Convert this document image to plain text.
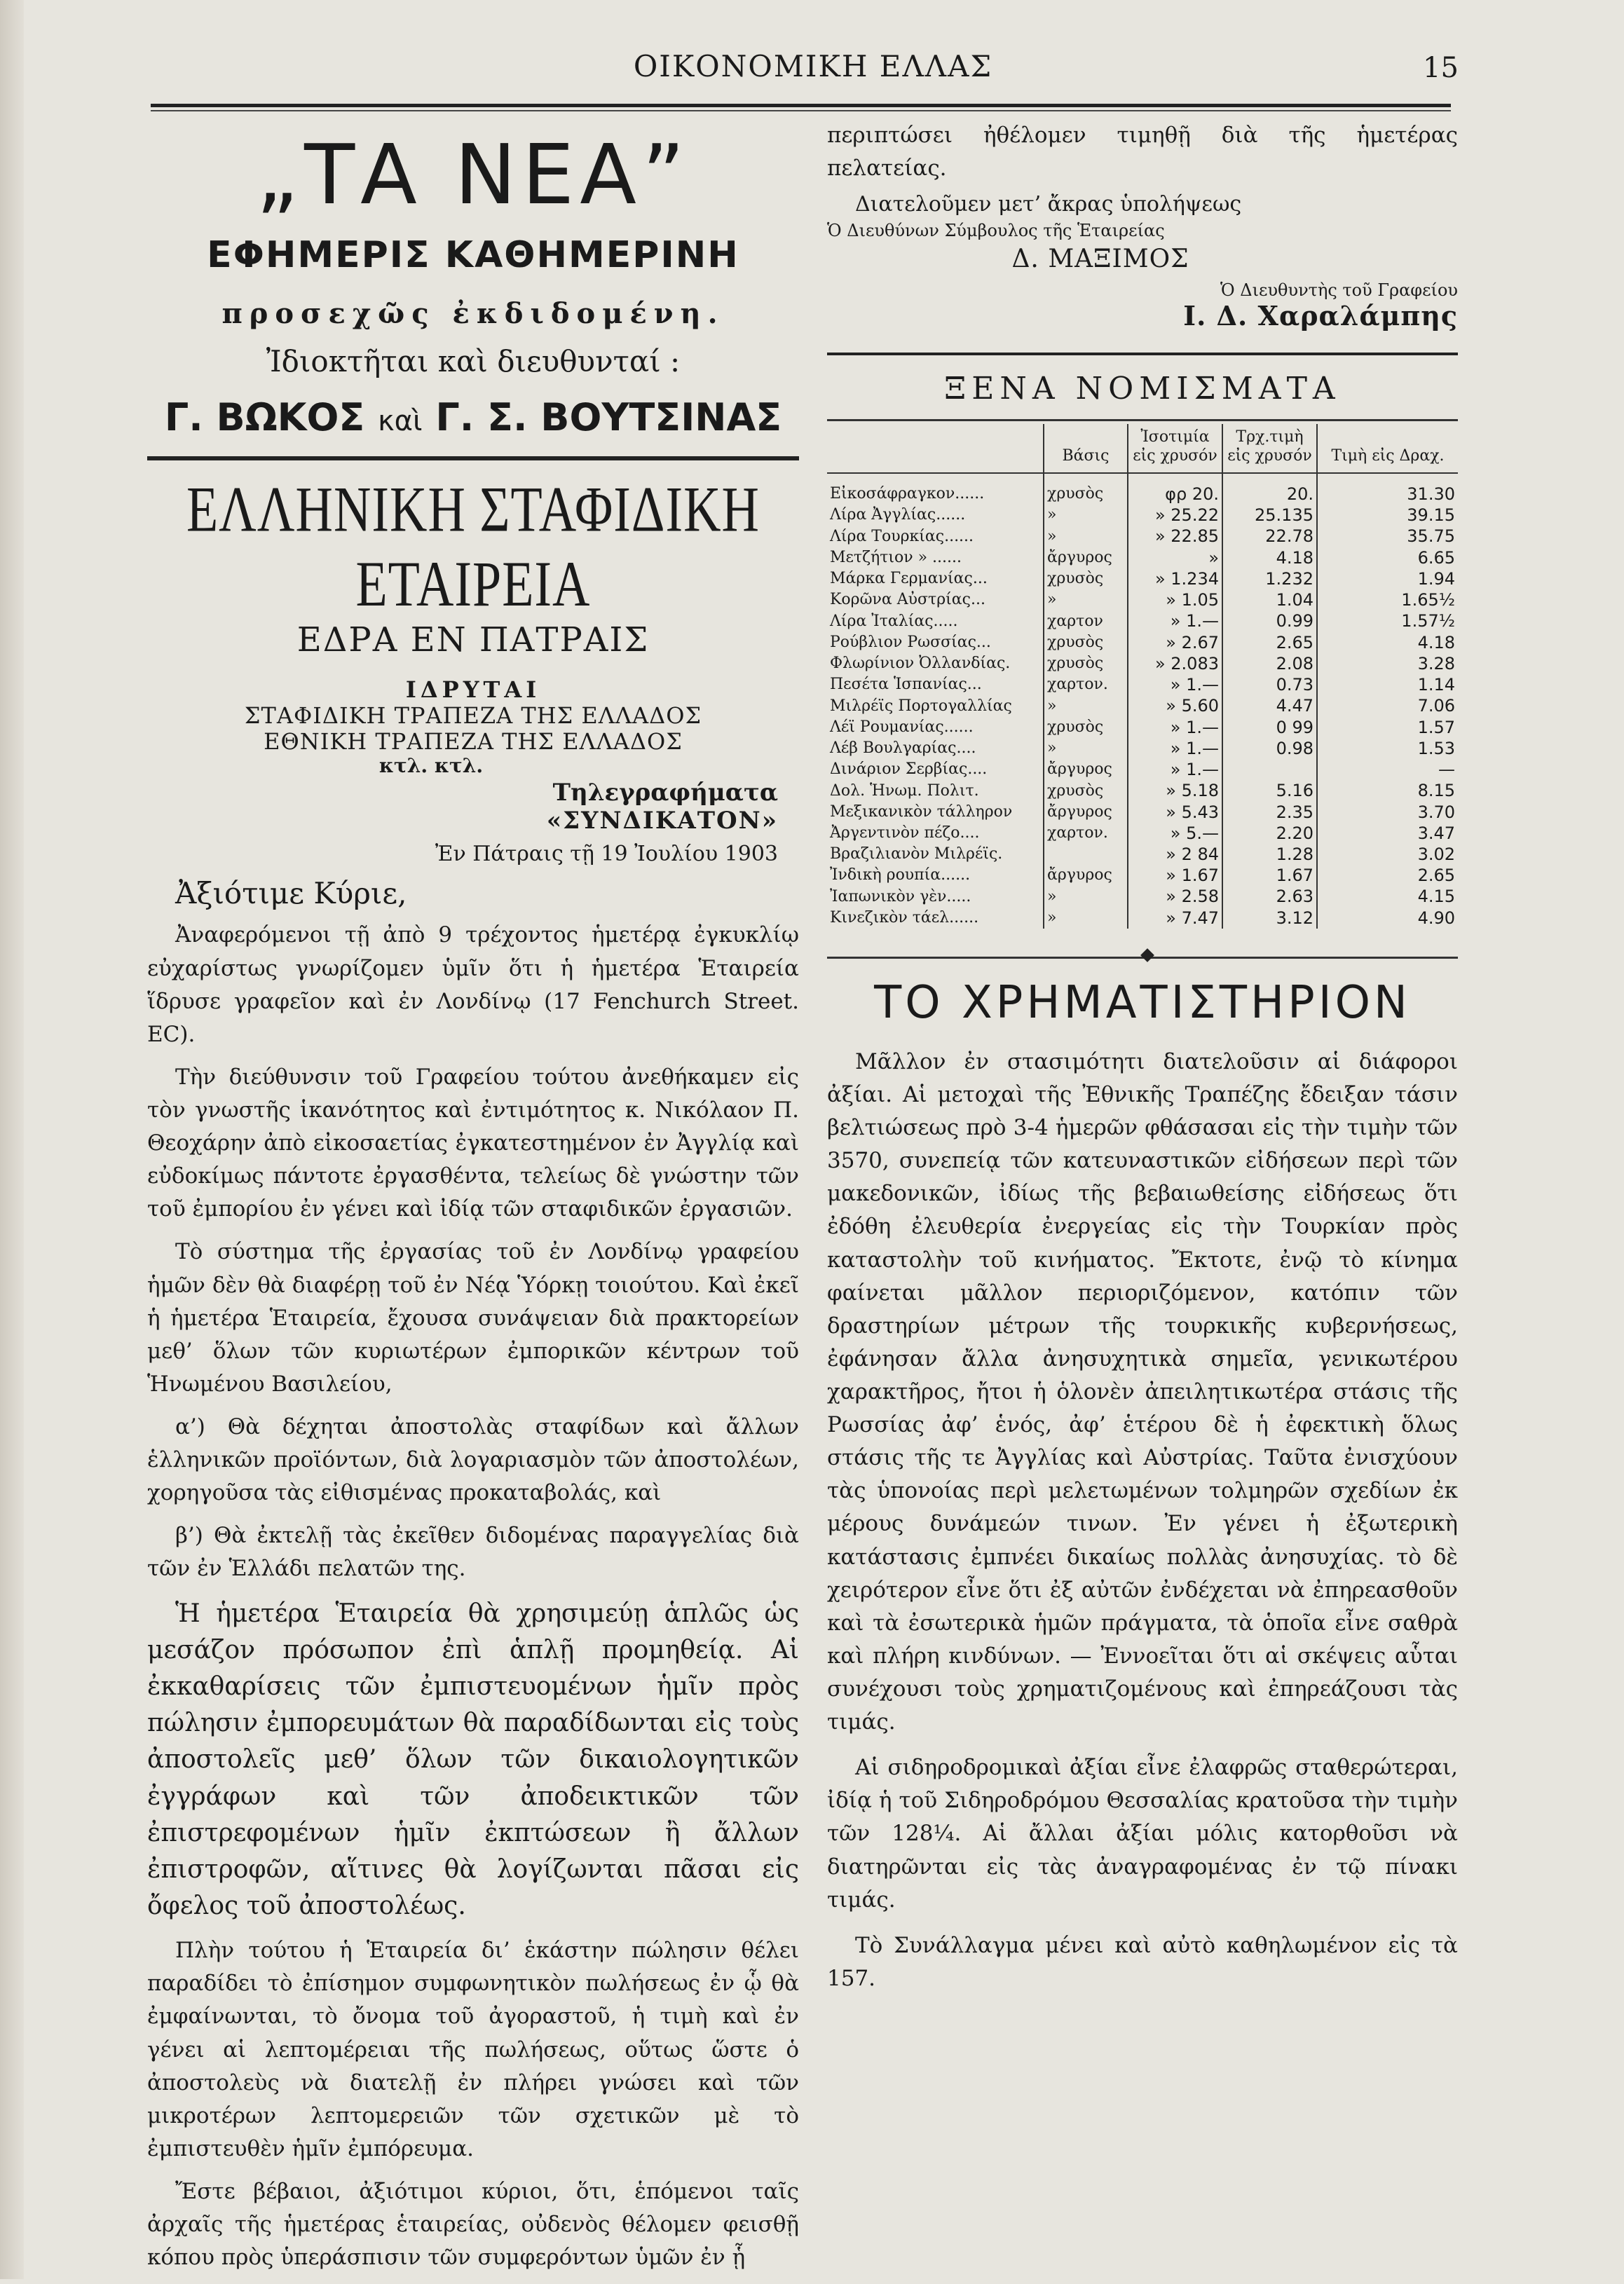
ΟΙΚΟΝΟΜΙΚΗ ΕΛΛΑΣ	15
„ΤΑ ΝΕΑ”
ΕΦΗΜΕΡΙΣ ΚΑΘΗΜΕΡΙΝΗ
προσεχῶς ἐκδιδομένη.
Ἰδιοκτῆται καὶ διευθυνταί :
Γ. ΒΩΚΟΣ καὶ Γ. Σ. ΒΟΥΤΣΙΝΑΣ
ΕΛΛΗΝΙΚΗ ΣΤΑΦΙΔΙΚΗ ΕΤΑΙΡΕΙΑ
ΕΔΡΑ ΕΝ ΠΑΤΡΑΙΣ
ΙΔΡΥΤΑΙ
ΣΤΑΦΙΔΙΚΗ ΤΡΑΠΕΖΑ ΤΗΣ ΕΛΛΑΔΟΣ
ΕΘΝΙΚΗ ΤΡΑΠΕΖΑ ΤΗΣ ΕΛΛΑΔΟΣ
κτλ. κτλ.
Τηλεγραφήματα
«ΣΥΝΔΙΚΑΤΟΝ»
Ἐν Πάτραις τῇ 19 Ἰουλίου 1903
Ἀξιότιμε Κύριε,

Ἀναφερόμενοι τῇ ἀπὸ 9 τρέχοντος ἡμετέρᾳ ἐγκυκλίῳ εὐχαρίστως γνωρίζομεν ὑμῖν ὅτι ἡ ἡμετέρα Ἑταιρεία ἵδρυσε γραφεῖον καὶ ἐν Λονδίνῳ (17 Fenchurch Street. EC).

Τὴν διεύθυνσιν τοῦ Γραφείου τούτου ἀνεθήκαμεν εἰς τὸν γνωστῆς ἱκανότητος καὶ ἐντιμότητος κ. Νικόλαον Π. Θεοχάρην ἀπὸ εἰκοσαετίας ἐγκατεστημένον ἐν Ἀγγλίᾳ καὶ εὐδοκίμως πάντοτε ἐργασθέντα, τελείως δὲ γνώστην τῶν τοῦ ἐμπορίου ἐν γένει καὶ ἰδίᾳ τῶν σταφιδικῶν ἐργασιῶν.

Τὸ σύστημα τῆς ἐργασίας τοῦ ἐν Λονδίνῳ γραφείου ἡμῶν δὲν θὰ διαφέρῃ τοῦ ἐν Νέᾳ Ὑόρκῃ τοιούτου. Καὶ ἐκεῖ ἡ ἡμετέρα Ἑταιρεία, ἔχουσα συνάψειαν διὰ πρακτορείων μεθ’ ὅλων τῶν κυριωτέρων ἐμπορικῶν κέντρων τοῦ Ἡνωμένου Βασιλείου,

α’) Θὰ δέχηται ἀποστολὰς σταφίδων καὶ ἄλλων ἑλληνικῶν προϊόντων, διὰ λογαριασμὸν τῶν ἀποστολέων, χορηγοῦσα τὰς εἰθισμένας προκαταβολάς, καὶ

β’) Θὰ ἐκτελῇ τὰς ἐκεῖθεν διδομένας παραγγελίας διὰ τῶν ἐν Ἑλλάδι πελατῶν της.

Ἡ ἡμετέρα Ἑταιρεία θὰ χρησιμεύῃ ἁπλῶς ὡς μεσάζον πρόσωπον ἐπὶ ἁπλῇ προμηθείᾳ. Αἱ ἐκκαθαρίσεις τῶν ἐμπιστευομένων ἡμῖν πρὸς πώλησιν ἐμπορευμάτων θὰ παραδίδωνται εἰς τοὺς ἀποστολεῖς μεθ’ ὅλων τῶν δικαιολογητικῶν ἐγγράφων καὶ τῶν ἀποδεικτικῶν τῶν ἐπιστρεφομένων ἡμῖν ἐκπτώσεων ἢ ἄλλων ἐπιστροφῶν, αἵτινες θὰ λογίζωνται πᾶσαι εἰς ὄφελος τοῦ ἀποστολέως.

Πλὴν τούτου ἡ Ἑταιρεία δι’ ἑκάστην πώλησιν θέλει παραδίδει τὸ ἐπίσημον συμφωνητικὸν πωλήσεως ἐν ᾧ θὰ ἐμφαίνωνται, τὸ ὄνομα τοῦ ἀγοραστοῦ, ἡ τιμὴ καὶ ἐν γένει αἱ λεπτομέρειαι τῆς πωλήσεως, οὕτως ὥστε ὁ ἀποστολεὺς νὰ διατελῇ ἐν πλήρει γνώσει καὶ τῶν μικροτέρων λεπτομερειῶν τῶν σχετικῶν μὲ τὸ ἐμπιστευθὲν ἡμῖν ἐμπόρευμα.

Ἔστε βέβαιοι, ἀξιότιμοι κύριοι, ὅτι, ἑπόμενοι ταῖς ἀρχαῖς τῆς ἡμετέρας ἑταιρείας, οὐδενὸς θέλομεν φεισθῇ κόπου πρὸς ὑπεράσπισιν τῶν συμφερόντων ὑμῶν ἐν ᾗ

περιπτώσει ἠθέλομεν τιμηθῇ διὰ τῆς ἡμετέρας πελατείας.

Διατελοῦμεν μετ’ ἄκρας ὑπολήψεως
Ὁ Διευθύνων Σύμβουλος τῆς Ἑταιρείας
Δ. ΜΑΞΙΜΟΣ
Ὁ Διευθυντὴς τοῦ Γραφείου
Ι. Δ. Χαραλάμπης
ΞΕΝΑ ΝΟΜΙΣΜΑΤΑ
	Βάσις	Ἰσοτιμία εἰς χρυσόν	Τρχ.τιμὴ εἰς χρυσόν	Τιμὴ εἰς Δραχ.
Εἰκοσάφραγκον......	χρυσὸς	φρ 20.	20.	31.30
Λίρα Ἀγγλίας......	»	» 25.22	25.135	39.15
Λίρα Τουρκίας......	»	» 22.85	22.78	35.75
Μετζήτιον » ......	ἄργυρος	»	4.18	6.65
Μάρκα Γερμανίας...	χρυσὸς	» 1.234	1.232	1.94
Κορῶνα Αὐστρίας...	»	» 1.05	1.04	1.65½
Λίρα Ἰταλίας.....	χαρτον	» 1.—	0.99	1.57½
Ρούβλιον Ρωσσίας...	χρυσὸς	» 2.67	2.65	4.18
Φλωρίνιον Ὀλλανδίας.	χρυσὸς	» 2.083	2.08	3.28
Πεσέτα Ἱσπανίας...	χαρτον.	» 1.—	0.73	1.14
Μιλρέϊς Πορτογαλλίας	»	» 5.60	4.47	7.06
Λέϊ Ρουμανίας......	χρυσὸς	» 1.—	0 99	1.57
Λέβ Βουλγαρίας....	»	» 1.—	0.98	1.53
Δινάριον Σερβίας....	ἄργυρος	» 1.—		—
Δολ. Ἡνωμ. Πολιτ.	χρυσὸς	» 5.18	5.16	8.15
Μεξικανικὸν τάλληρον	ἄργυρος	» 5.43	2.35	3.70
Ἀργεντινὸν πέζο....	χαρτον.	» 5.—	2.20	3.47
Βραζιλιανὸν Μιλρέϊς.		» 2 84	1.28	3.02
Ἰνδικὴ ρουπία......	ἄργυρος	» 1.67	1.67	2.65
Ἰαπωνικὸν γὲν.....	»	» 2.58	2.63	4.15
Κινεζικὸν τάελ......	»	» 7.47	3.12	4.90
ΤΟ ΧΡΗΜΑΤΙΣΤΗΡΙΟΝ

Μᾶλλον ἐν στασιμότητι διατελοῦσιν αἱ διάφοροι ἀξίαι. Αἱ μετοχαὶ τῆς Ἐθνικῆς Τραπέζης ἔδειξαν τάσιν βελτιώσεως πρὸ 3-4 ἡμερῶν φθάσασαι εἰς τὴν τιμὴν τῶν 3570, συνεπείᾳ τῶν κατευναστικῶν εἰδήσεων περὶ τῶν μακεδονικῶν, ἰδίως τῆς βεβαιωθείσης εἰδήσεως ὅτι ἐδόθη ἐλευθερία ἐνεργείας εἰς τὴν Τουρκίαν πρὸς καταστολὴν τοῦ κινήματος. Ἔκτοτε, ἐνῷ τὸ κίνημα φαίνεται μᾶλλον περιοριζόμενον, κατόπιν τῶν δραστηρίων μέτρων τῆς τουρκικῆς κυβερνήσεως, ἐφάνησαν ἄλλα ἀνησυχητικὰ σημεῖα, γενικωτέρου χαρακτῆρος, ἤτοι ἡ ὁλονὲν ἀπειλητικωτέρα στάσις τῆς Ρωσσίας ἀφ’ ἑνός, ἀφ’ ἑτέρου δὲ ἡ ἐφεκτικὴ ὅλως στάσις τῆς τε Ἀγγλίας καὶ Αὐστρίας. Ταῦτα ἐνισχύουν τὰς ὑπονοίας περὶ μελετωμένων τολμηρῶν σχεδίων ἐκ μέρους δυνάμεών τινων. Ἐν γένει ἡ ἐξωτερικὴ κατάστασις ἐμπνέει δικαίως πολλὰς ἀνησυχίας. τὸ δὲ χειρότερον εἶνε ὅτι ἐξ αὐτῶν ἐνδέχεται νὰ ἐπηρεασθοῦν καὶ τὰ ἐσωτερικὰ ἡμῶν πράγματα, τὰ ὁποῖα εἶνε σαθρὰ καὶ πλήρη κινδύνων. — Ἐννοεῖται ὅτι αἱ σκέψεις αὗται συνέχουσι τοὺς χρηματιζομένους καὶ ἐπηρεάζουσι τὰς τιμάς.

Αἱ σιδηροδρομικαὶ ἀξίαι εἶνε ἐλαφρῶς σταθερώτεραι, ἰδίᾳ ἡ τοῦ Σιδηροδρόμου Θεσσαλίας κρατοῦσα τὴν τιμὴν τῶν 128¼. Αἱ ἄλλαι ἀξίαι μόλις κατορθοῦσι νὰ διατηρῶνται εἰς τὰς ἀναγραφομένας ἐν τῷ πίνακι τιμάς.

Τὸ Συνάλλαγμα μένει καὶ αὐτὸ καθηλωμένον εἰς τὰ 157.
